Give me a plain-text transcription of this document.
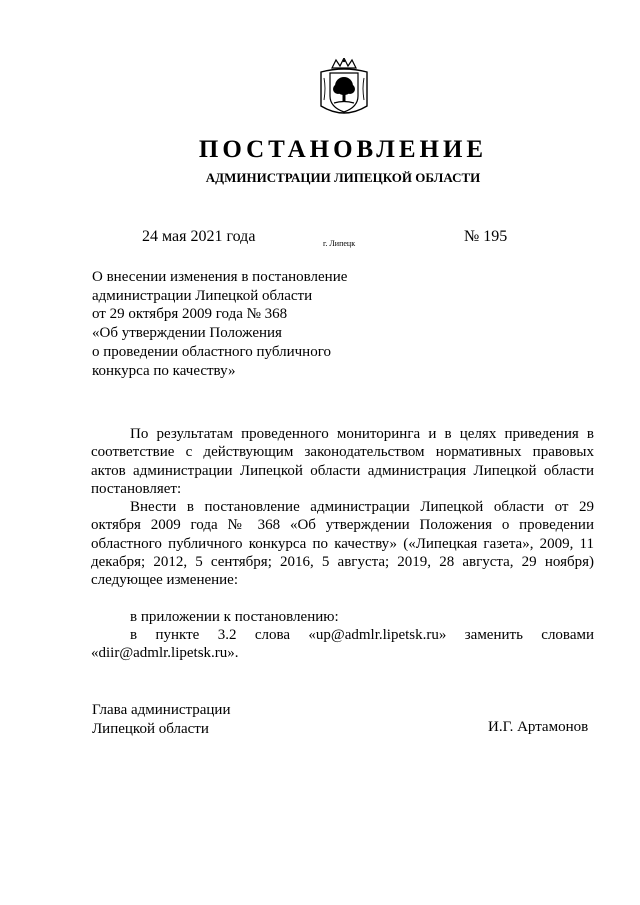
ПОСТАНОВЛЕНИЕ
АДМИНИСТРАЦИИ ЛИПЕЦКОЙ ОБЛАСТИ
24 мая 2021 года	г. Липецк	№ 195
О внесении изменения в постановление
администрации Липецкой области
от 29 октября 2009 года № 368
«Об утверждении Положения
о проведении областного публичного
конкурса по качеству»

По результатам проведенного мониторинга и в целях приведения в соответствие с действующим законодательством нормативных правовых актов администрации Липецкой области администрация Липецкой области постановляет:

Внести в постановление администрации Липецкой области от 29 октября 2009 года № 368 «Об утверждении Положения о проведении областного публичного конкурса по качеству» («Липецкая газета», 2009, 11 декабря; 2012, 5 сентября; 2016, 5 августа; 2019, 28 августа, 29 ноября) следующее изменение:

в приложении к постановлению:

в пункте 3.2 слова «up@admlr.lipetsk.ru» заменить словами «diir@admlr.lipetsk.ru».

Глава администрации
Липецкой области	И.Г. Артамонов
